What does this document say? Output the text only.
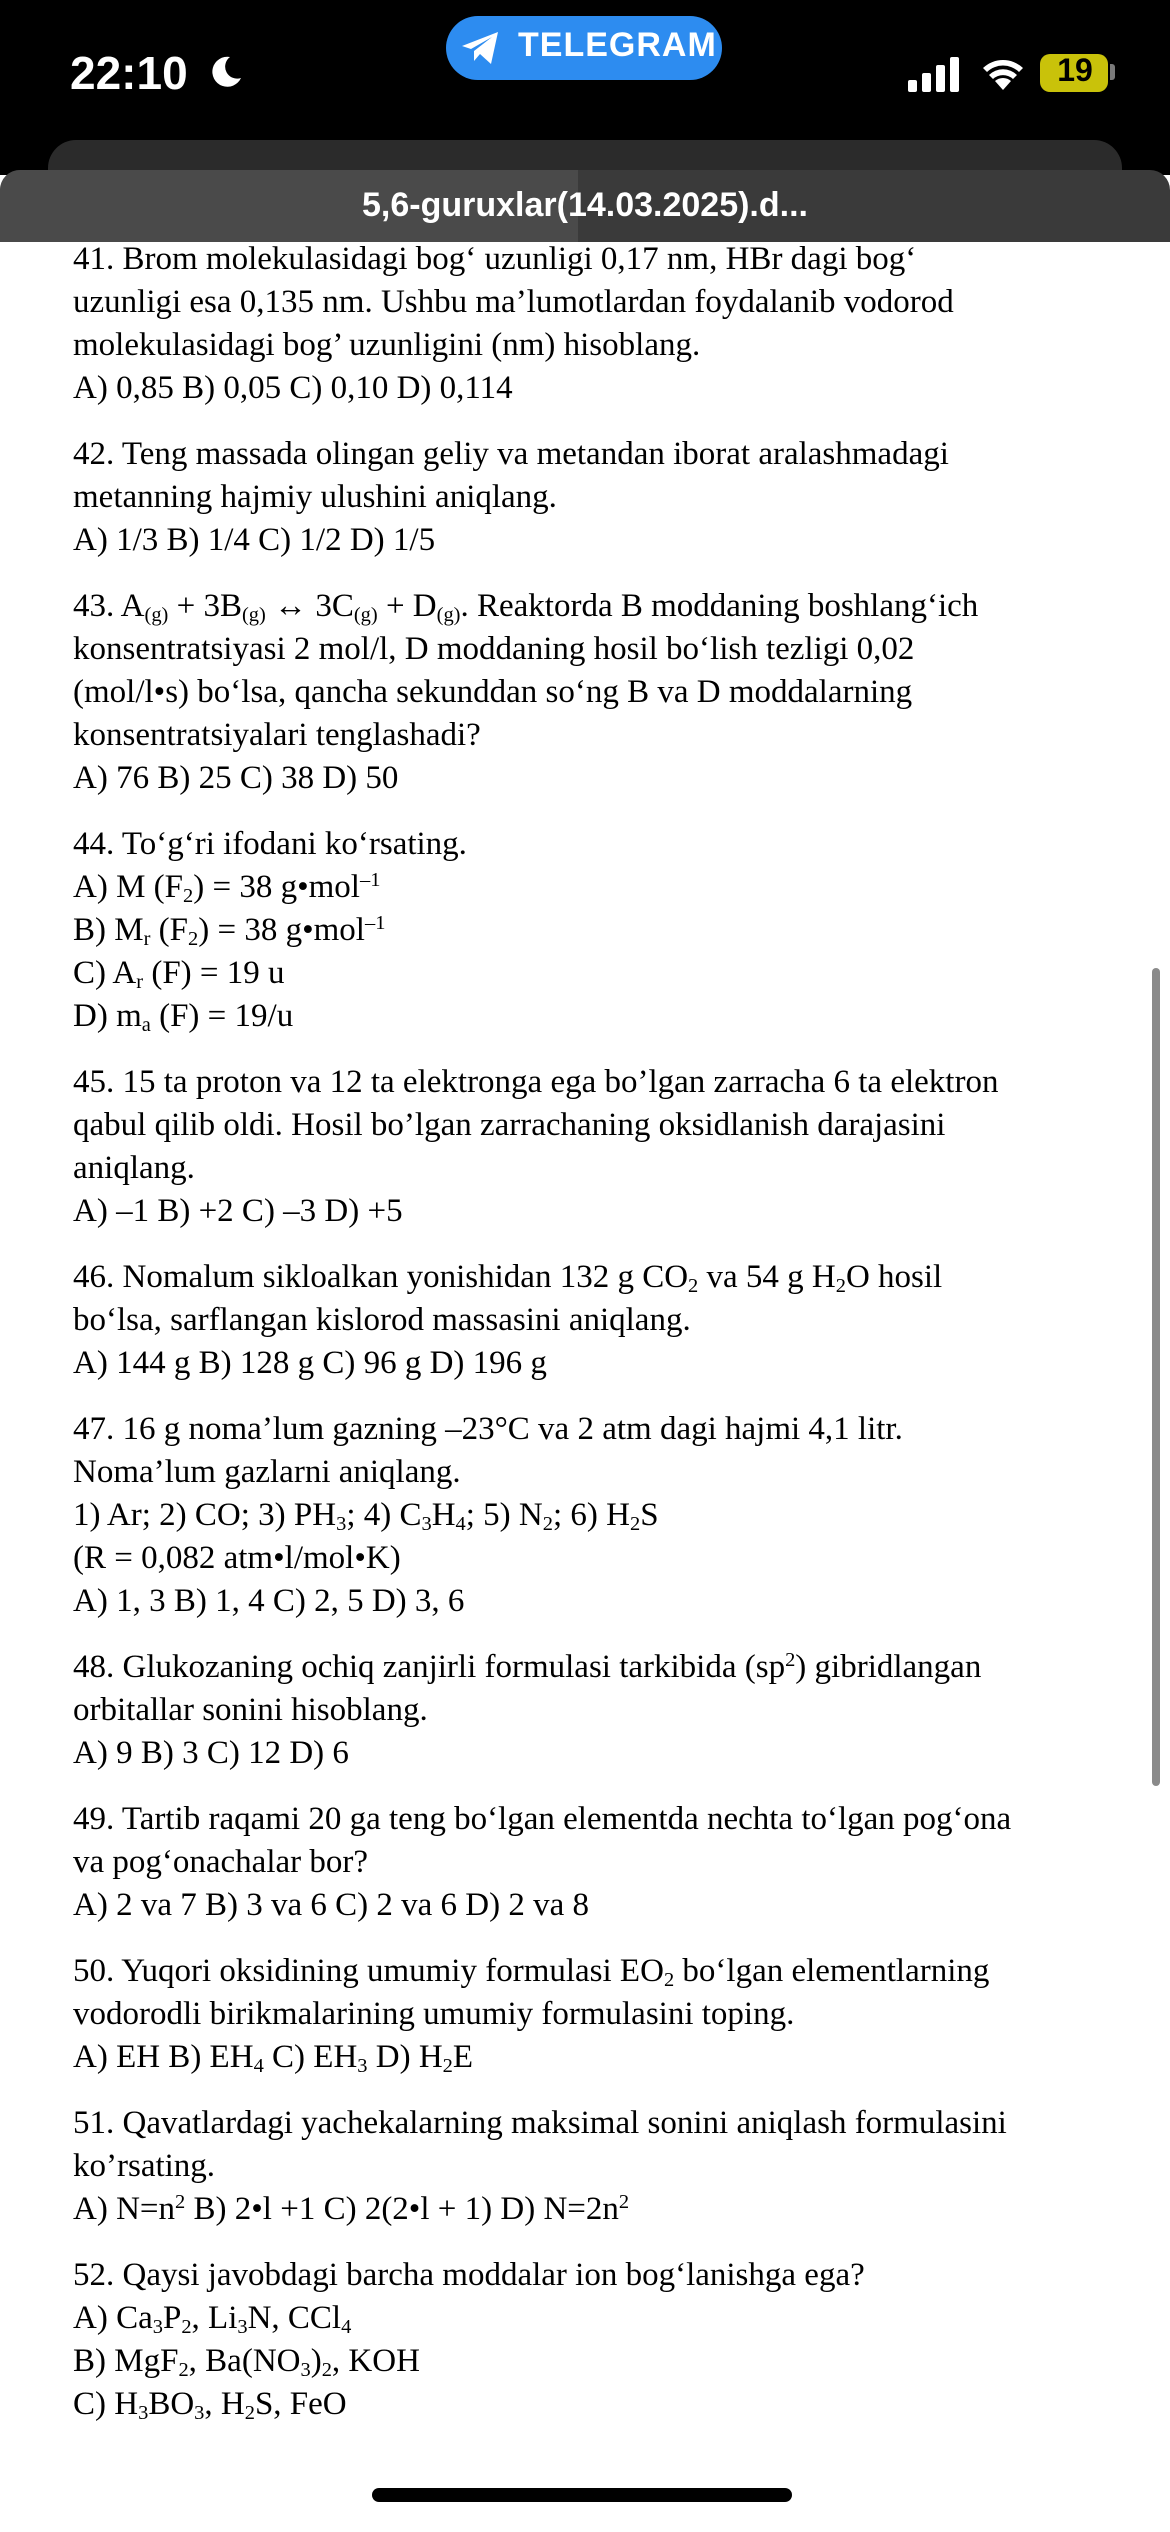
22:10
TELEGRAM
19
5,6-guruxlar(14.03.2025).d...

41. Brom molekulasidagi bog‘ uzunligi 0,17 nm, HBr dagi bog‘

uzunligi esa 0,135 nm. Ushbu ma’lumotlardan foydalanib vodorod

molekulasidagi bog’ uzunligini (nm) hisoblang.

A) 0,85 B) 0,05 C) 0,10 D) 0,114

42. Teng massada olingan geliy va metandan iborat aralashmadagi

metanning hajmiy ulushini aniqlang.

A) 1/3 B) 1/4 C) 1/2 D) 1/5

43. $A_{(g)} + 3B_{(g)}$ ↔ $3C_{(g)} + D_{(g)}$. Reaktorda B moddaning boshlang‘ich

konsentratsiyasi 2 mol/l, D moddaning hosil bo‘lish tezligi 0,02

(mol/l•s) bo‘lsa, qancha sekunddan so‘ng B va D moddalarning

konsentratsiyalari tenglashadi?

A) 76 B) 25 C) 38 D) 50

44. To‘g‘ri ifodani ko‘rsating.

A) M $(F_2) = 38$ g•mol$^{-1}$

B) $M_r$ $(F_2) = 38$ g•mol$^{-1}$

C) $A_r$ (F) = 19 u

D) $m_a$ (F) = 19/u

45. 15 ta proton va 12 ta elektronga ega bo’lgan zarracha 6 ta elektron

qabul qilib oldi. Hosil bo’lgan zarrachaning oksidlanish darajasini

aniqlang.

A) –1 B) +2 C) –3 D) +5

46. Nomalum sikloalkan yonishidan 132 g $CO_2$ va 54 g $H_2O$ hosil

bo‘lsa, sarflangan kislorod massasini aniqlang.

A) 144 g B) 128 g C) 96 g D) 196 g

47. 16 g noma’lum gazning –23°C va 2 atm dagi hajmi 4,1 litr.

Noma’lum gazlarni aniqlang.

1) Ar; 2) CO; 3) $PH_3$; 4) $C_3H_4$; 5) $N_2$; 6) $H_2S$

(R = 0,082 atm•l/mol•K)

A) 1, 3 B) 1, 4 C) 2, 5 D) 3, 6

48. Glukozaning ochiq zanjirli formulasi tarkibida $(sp^2)$ gibridlangan

orbitallar sonini hisoblang.

A) 9 B) 3 C) 12 D) 6

49. Tartib raqami 20 ga teng bo‘lgan elementda nechta to‘lgan pog‘ona

va pog‘onachalar bor?

A) 2 va 7 B) 3 va 6 C) 2 va 6 D) 2 va 8

50. Yuqori oksidining umumiy formulasi $EO_2$ bo‘lgan elementlarning

vodorodli birikmalarining umumiy formulasini toping.

A) EH B) $EH_4$ C) $EH_3$ D) $H_2E$

51. Qavatlardagi yachekalarning maksimal sonini aniqlash formulasini

ko’rsating.

A) $N=n^2$ B) 2•l +1 C) 2(2•l + 1) D) $N=2n^2$

52. Qaysi javobdagi barcha moddalar ion bog‘lanishga ega?

A) $Ca_3P_2$, $Li_3N$, CCl$_4$

B) MgF$_2$, $Ba(NO_3)_2$, KOH

C) $H_3BO_3$, $H_2S$, FeO
